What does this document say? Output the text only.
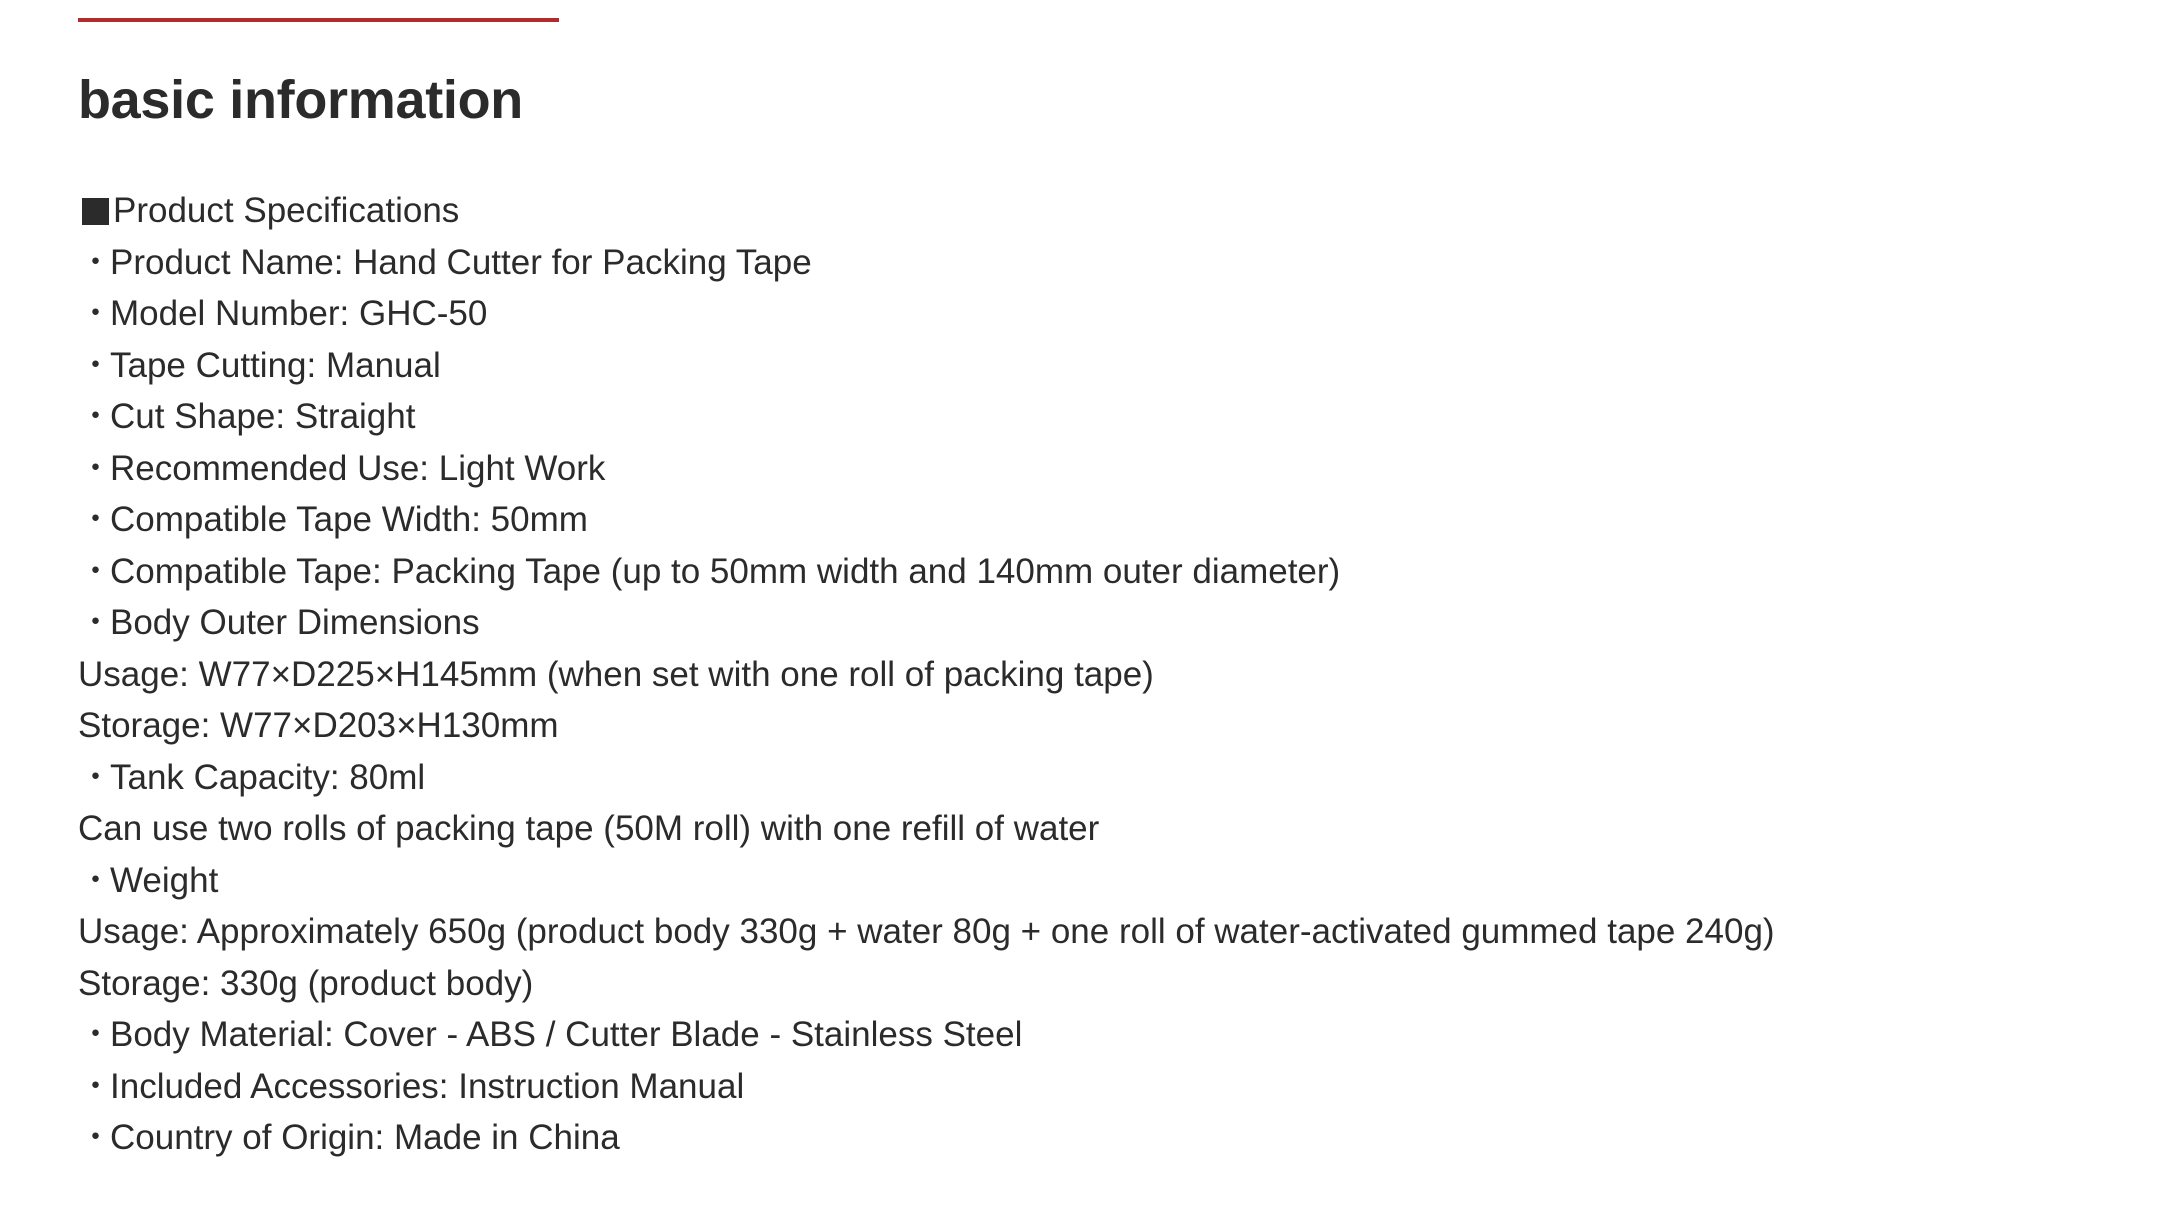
basic information
Product Specifications
・ Product Name: Hand Cutter for Packing Tape
・ Model Number: GHC-50
・ Tape Cutting: Manual
・ Cut Shape: Straight
・ Recommended Use: Light Work
・ Compatible Tape Width: 50mm
・ Compatible Tape: Packing Tape (up to 50mm width and 140mm outer diameter)
・ Body Outer Dimensions
Usage: W77×D225×H145mm (when set with one roll of packing tape)
Storage: W77×D203×H130mm
・ Tank Capacity: 80ml
Can use two rolls of packing tape (50M roll) with one refill of water
・ Weight
Usage: Approximately 650g (product body 330g + water 80g + one roll of water-activated gummed tape 240g)
Storage: 330g (product body)
・ Body Material: Cover - ABS / Cutter Blade - Stainless Steel
・ Included Accessories: Instruction Manual
・ Country of Origin: Made in China
